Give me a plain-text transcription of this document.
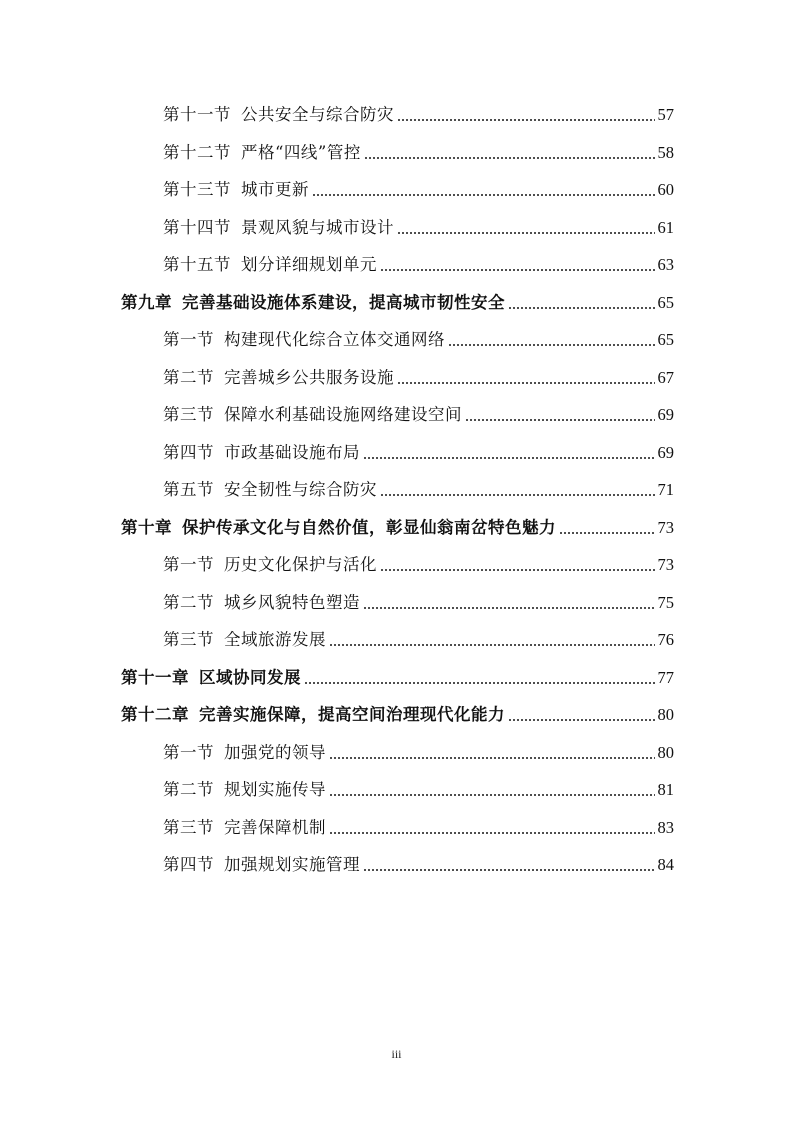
第十一节 公共安全与综合防灾	57
第十二节 严格“四线”管控	58
第十三节 城市更新	60
第十四节 景观风貌与城市设计	61
第十五节 划分详细规划单元	63
第九章 完善基础设施体系建设，提高城市韧性安全	65
第一节 构建现代化综合立体交通网络	65
第二节 完善城乡公共服务设施	67
第三节 保障水利基础设施网络建设空间	69
第四节 市政基础设施布局	69
第五节 安全韧性与综合防灾	71
第十章 保护传承文化与自然价值，彰显仙翁南岔特色魅力	73
第一节 历史文化保护与活化	73
第二节 城乡风貌特色塑造	75
第三节 全域旅游发展	76
第十一章 区域协同发展	77
第十二章 完善实施保障，提高空间治理现代化能力	80
第一节 加强党的领导	80
第二节 规划实施传导	81
第三节 完善保障机制	83
第四节 加强规划实施管理	84
iii
